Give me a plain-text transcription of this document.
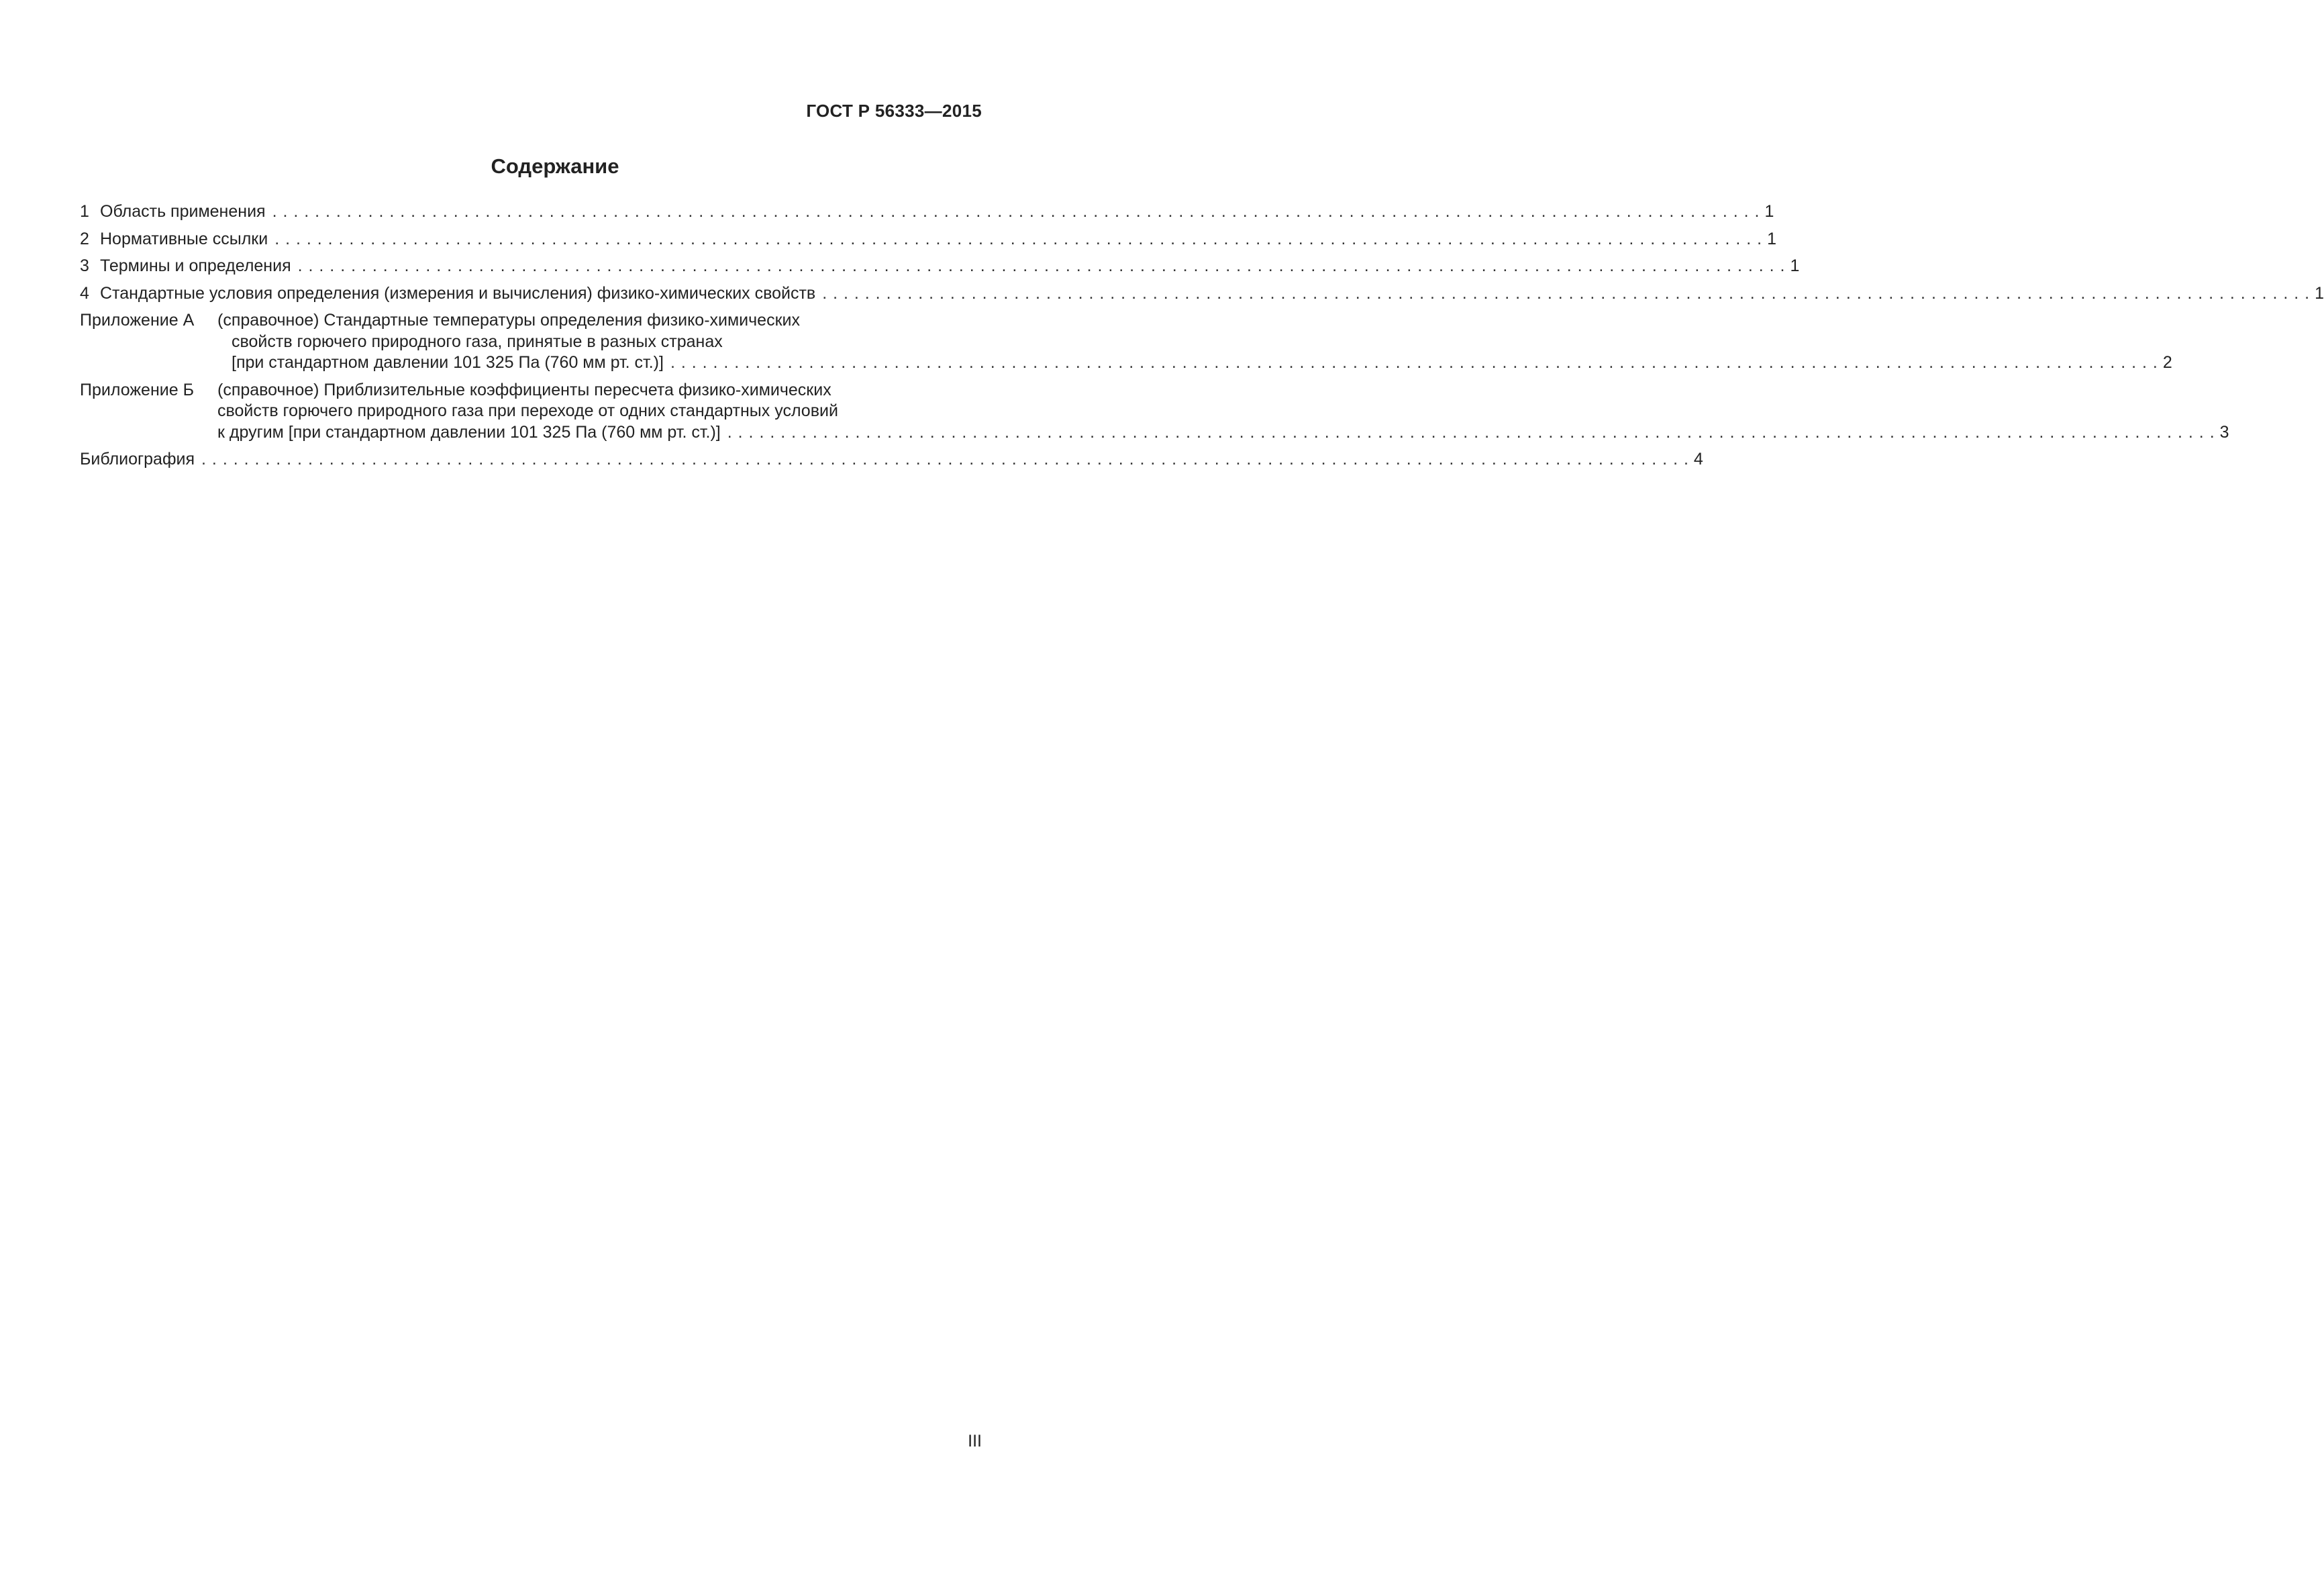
ГОСТ Р 56333—2015
Содержание
1 Область применения . . .	1
2 Нормативные ссылки . . .	1
3 Термины и определения . . .	1
4 Стандартные условия определения (измерения и вычисления) физико-химических свойств . . .	1
Приложение А	(справочное) Стандартные температуры определения физико-химических
свойств горючего природного газа, принятые в разных странах
[при стандартном давлении 101 325 Па (760 мм рт. ст.)] . . .	2
Приложение Б	(справочное) Приблизительные коэффициенты пересчета физико-химических
свойств горючего природного газа при переходе от одних стандартных условий
к другим [при стандартном давлении 101 325 Па (760 мм рт. ст.)] . . .	3
Библиография . . .	4
III
